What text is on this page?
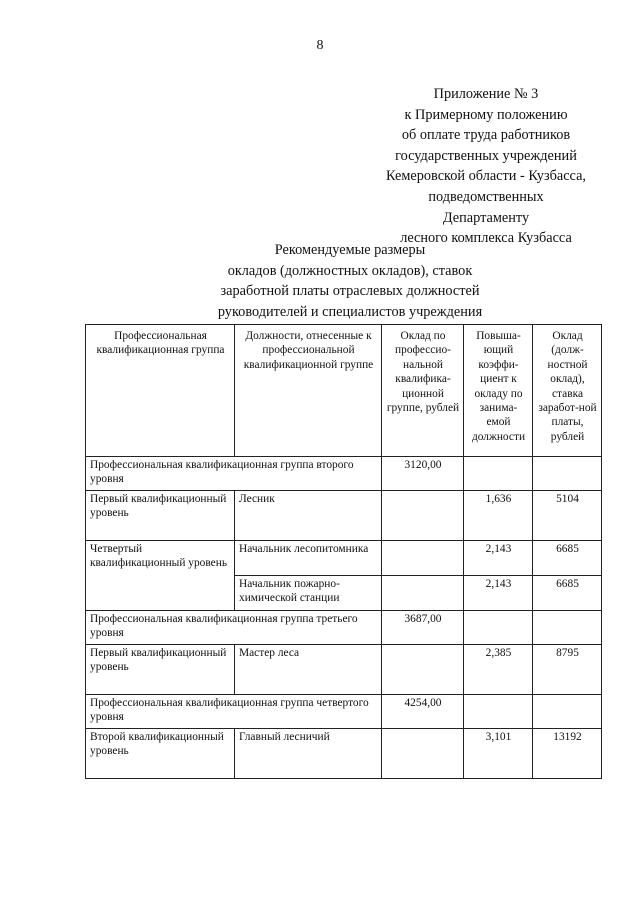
8
Приложение № 3
к Примерному положению
об оплате труда работников
государственных учреждений
Кемеровской области - Кузбасса,
подведомственных
Департаменту
лесного комплекса Кузбасса
Рекомендуемые размеры
окладов (должностных окладов), ставок
заработной платы отраслевых должностей
руководителей и специалистов учреждения
Профессиональная квалификационная группа	Должности, отнесенные к профессиональной квалификационной группе	Оклад по профессио-нальной квалифика-ционной группе, рублей	Повыша-ющий коэффи-циент к окладу по занима-емой должности	Оклад (долж-ностной оклад), ставка заработ-ной платы, рублей
Профессиональная квалификационная группа второго уровня		3120,00		
Первый квалификационный уровень	Лесник		1,636	5104
Четвертый квалификационный уровень	Начальник лесопитомника		2,143	6685
	Начальник пожарно-химической станции		2,143	6685
Профессиональная квалификационная группа третьего уровня		3687,00		
Первый квалификационный уровень	Мастер леса		2,385	8795
Профессиональная квалификационная группа четвертого уровня		4254,00		
Второй квалификационный уровень	Главный лесничий		3,101	13192
